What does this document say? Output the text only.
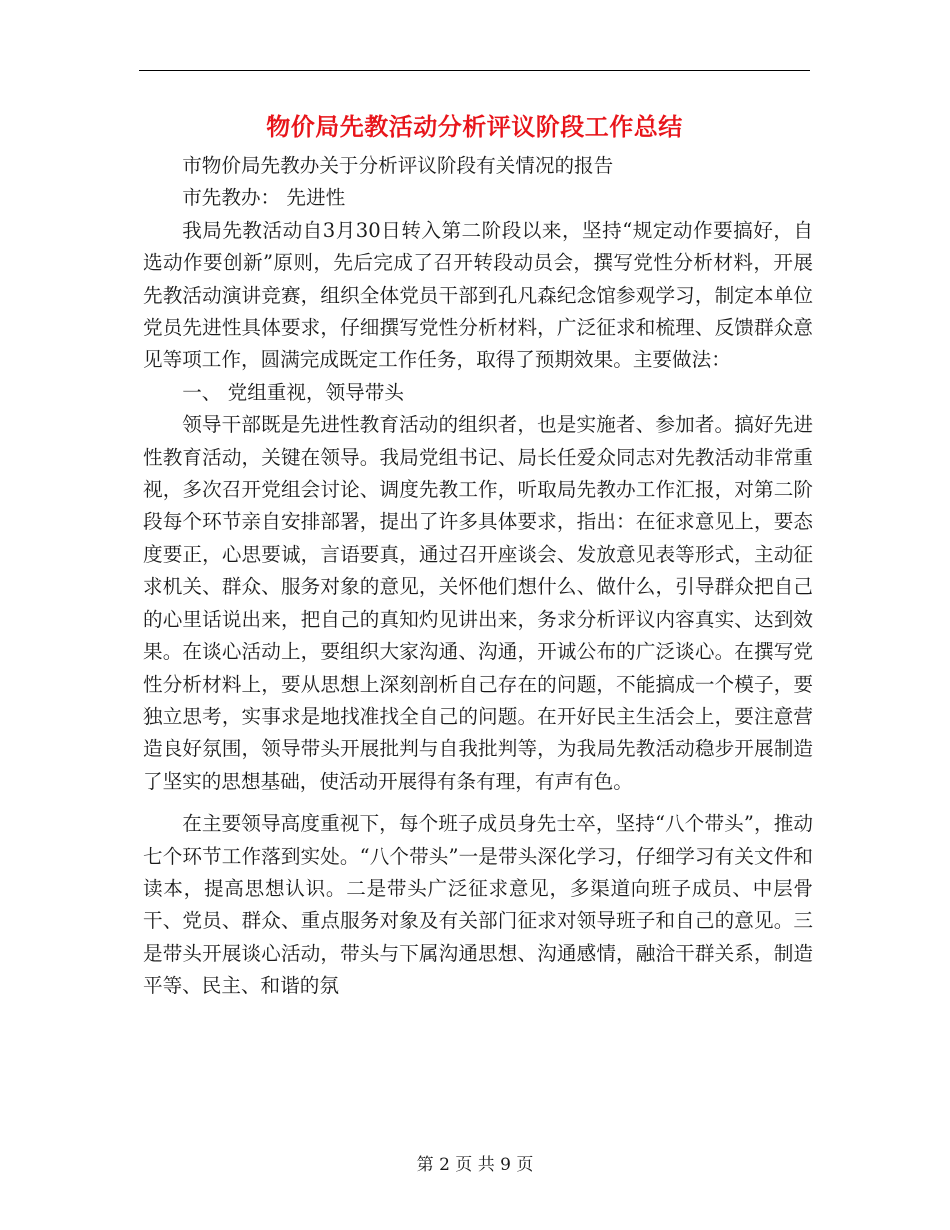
物价局先教活动分析评议阶段工作总结

市物价局先教办关于分析评议阶段有关情况的报告

市先教办： 先进性

我局先教活动自3月30日转入第二阶段以来，坚持“规定动作要搞好，自选动作要创新”原则，先后完成了召开转段动员会，撰写党性分析材料，开展先教活动演讲竞赛，组织全体党员干部到孔凡森纪念馆参观学习，制定本单位党员先进性具体要求，仔细撰写党性分析材料，广泛征求和梳理、反馈群众意见等项工作，圆满完成既定工作任务，取得了预期效果。主要做法：

一、 党组重视，领导带头

领导干部既是先进性教育活动的组织者，也是实施者、参加者。搞好先进性教育活动，关键在领导。我局党组书记、局长任爱众同志对先教活动非常重视，多次召开党组会讨论、调度先教工作，听取局先教办工作汇报，对第二阶段每个环节亲自安排部署，提出了许多具体要求，指出：在征求意见上，要态度要正，心思要诚，言语要真，通过召开座谈会、发放意见表等形式，主动征求机关、群众、服务对象的意见，关怀他们想什么、做什么，引导群众把自己的心里话说出来，把自己的真知灼见讲出来，务求分析评议内容真实、达到效果。在谈心活动上，要组织大家沟通、沟通，开诚公布的广泛谈心。在撰写党性分析材料上，要从思想上深刻剖析自己存在的问题，不能搞成一个模子，要独立思考，实事求是地找准找全自己的问题。在开好民主生活会上，要注意营造良好氛围，领导带头开展批判与自我批判等，为我局先教活动稳步开展制造了坚实的思想基础，使活动开展得有条有理，有声有色。

在主要领导高度重视下，每个班子成员身先士卒，坚持“八个带头”，推动七个环节工作落到实处。“八个带头”一是带头深化学习，仔细学习有关文件和读本，提高思想认识。二是带头广泛征求意见，多渠道向班子成员、中层骨干、党员、群众、重点服务对象及有关部门征求对领导班子和自己的意见。三是带头开展谈心活动，带头与下属沟通思想、沟通感情，融洽干群关系，制造平等、民主、和谐的氛

第 2 页 共 9 页
